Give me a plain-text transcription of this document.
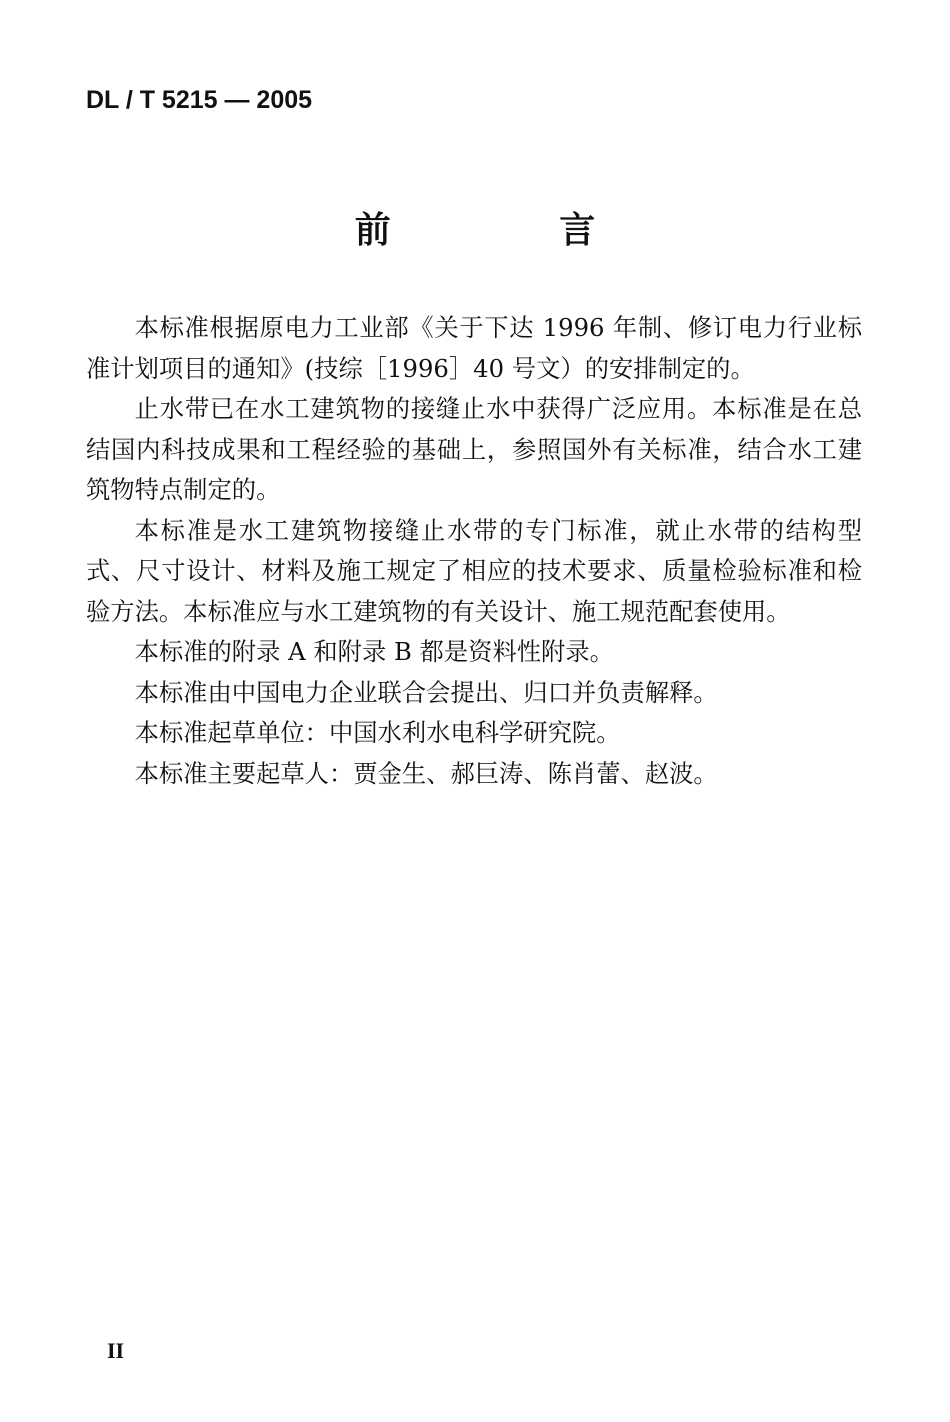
DL / T 5215 — 2005
前 言

本标准根据原电力工业部《关于下达 1996 年制、修订电力行业标准计划项目的通知》(技综［1996］40 号文）的安排制定的。

止水带已在水工建筑物的接缝止水中获得广泛应用。本标准是在总结国内科技成果和工程经验的基础上，参照国外有关标准，结合水工建筑物特点制定的。

本标准是水工建筑物接缝止水带的专门标准，就止水带的结构型式、尺寸设计、材料及施工规定了相应的技术要求、质量检验标准和检验方法。本标准应与水工建筑物的有关设计、施工规范配套使用。

本标准的附录 A 和附录 B 都是资料性附录。

本标准由中国电力企业联合会提出、归口并负责解释。

本标准起草单位：中国水利水电科学研究院。

本标准主要起草人：贾金生、郝巨涛、陈肖蕾、赵波。

II
